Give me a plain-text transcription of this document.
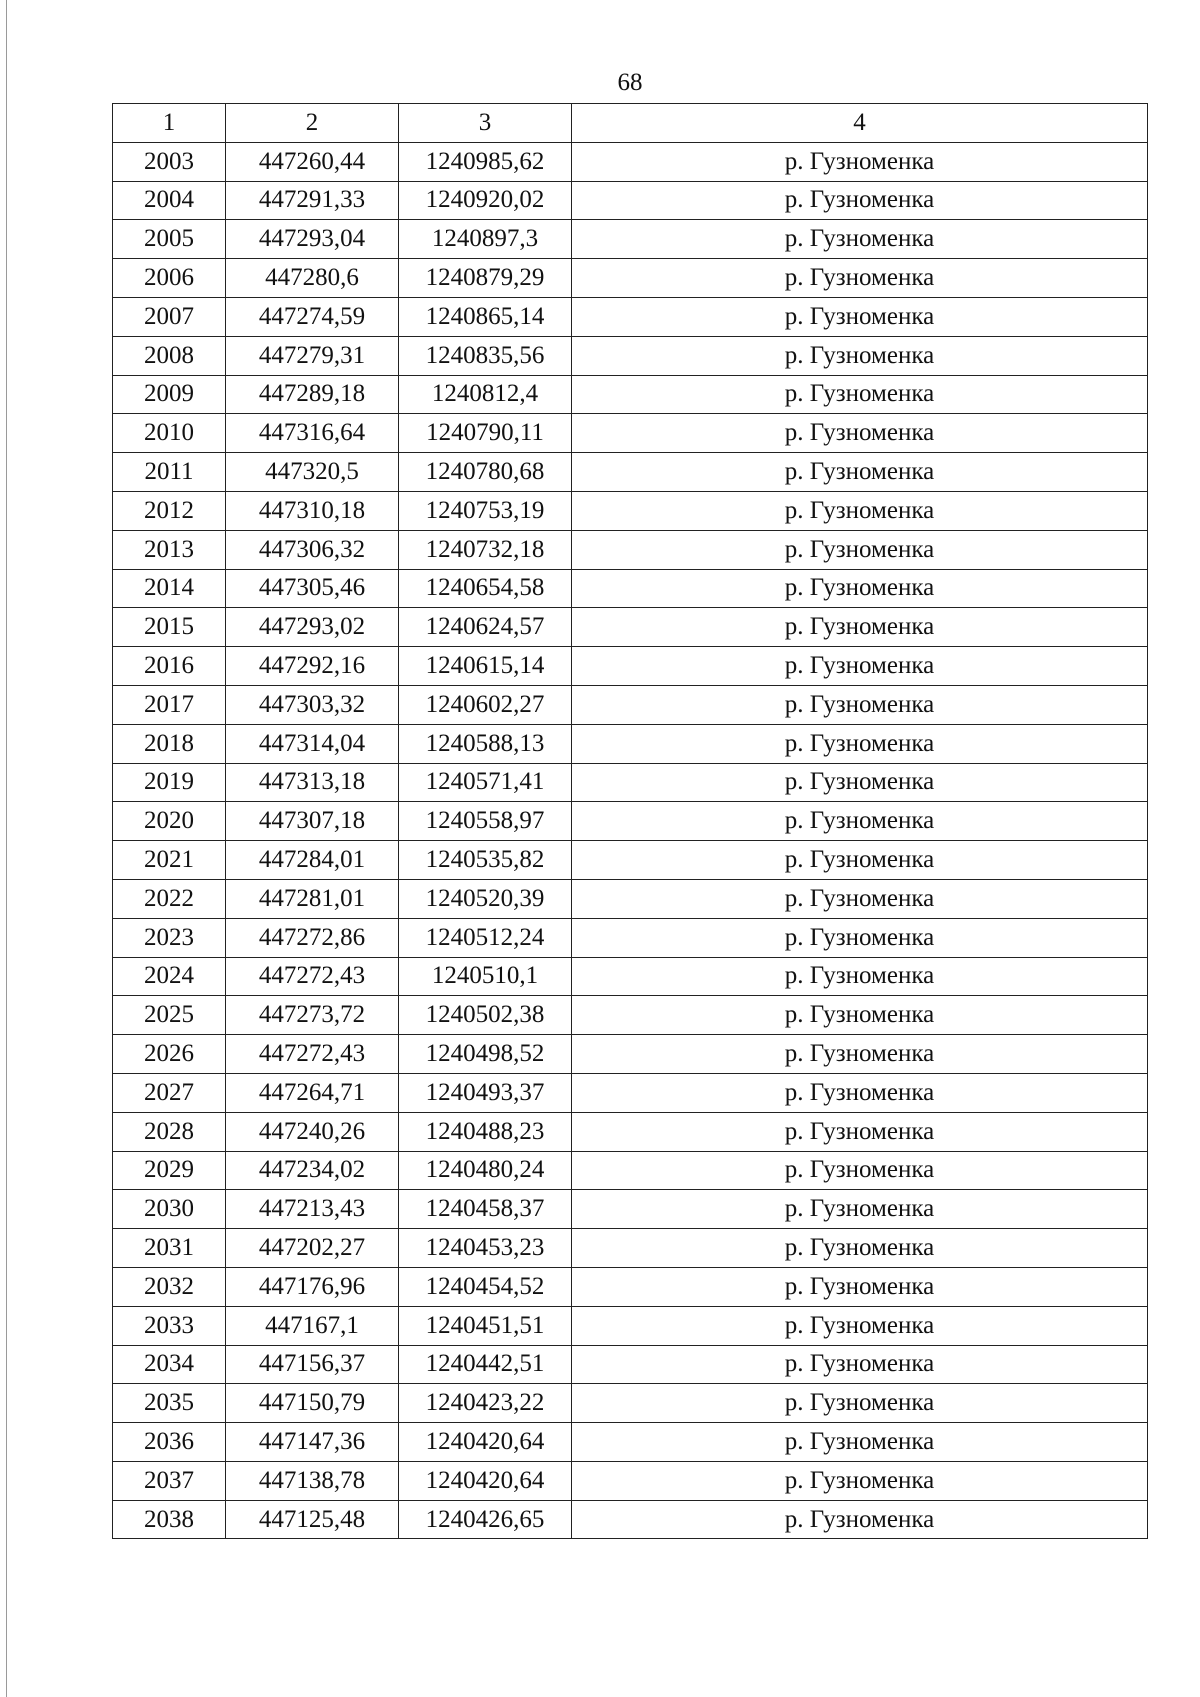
68
1	2	3	4
2003	447260,44	1240985,62	р. Гузноменка
2004	447291,33	1240920,02	р. Гузноменка
2005	447293,04	1240897,3	р. Гузноменка
2006	447280,6	1240879,29	р. Гузноменка
2007	447274,59	1240865,14	р. Гузноменка
2008	447279,31	1240835,56	р. Гузноменка
2009	447289,18	1240812,4	р. Гузноменка
2010	447316,64	1240790,11	р. Гузноменка
2011	447320,5	1240780,68	р. Гузноменка
2012	447310,18	1240753,19	р. Гузноменка
2013	447306,32	1240732,18	р. Гузноменка
2014	447305,46	1240654,58	р. Гузноменка
2015	447293,02	1240624,57	р. Гузноменка
2016	447292,16	1240615,14	р. Гузноменка
2017	447303,32	1240602,27	р. Гузноменка
2018	447314,04	1240588,13	р. Гузноменка
2019	447313,18	1240571,41	р. Гузноменка
2020	447307,18	1240558,97	р. Гузноменка
2021	447284,01	1240535,82	р. Гузноменка
2022	447281,01	1240520,39	р. Гузноменка
2023	447272,86	1240512,24	р. Гузноменка
2024	447272,43	1240510,1	р. Гузноменка
2025	447273,72	1240502,38	р. Гузноменка
2026	447272,43	1240498,52	р. Гузноменка
2027	447264,71	1240493,37	р. Гузноменка
2028	447240,26	1240488,23	р. Гузноменка
2029	447234,02	1240480,24	р. Гузноменка
2030	447213,43	1240458,37	р. Гузноменка
2031	447202,27	1240453,23	р. Гузноменка
2032	447176,96	1240454,52	р. Гузноменка
2033	447167,1	1240451,51	р. Гузноменка
2034	447156,37	1240442,51	р. Гузноменка
2035	447150,79	1240423,22	р. Гузноменка
2036	447147,36	1240420,64	р. Гузноменка
2037	447138,78	1240420,64	р. Гузноменка
2038	447125,48	1240426,65	р. Гузноменка
